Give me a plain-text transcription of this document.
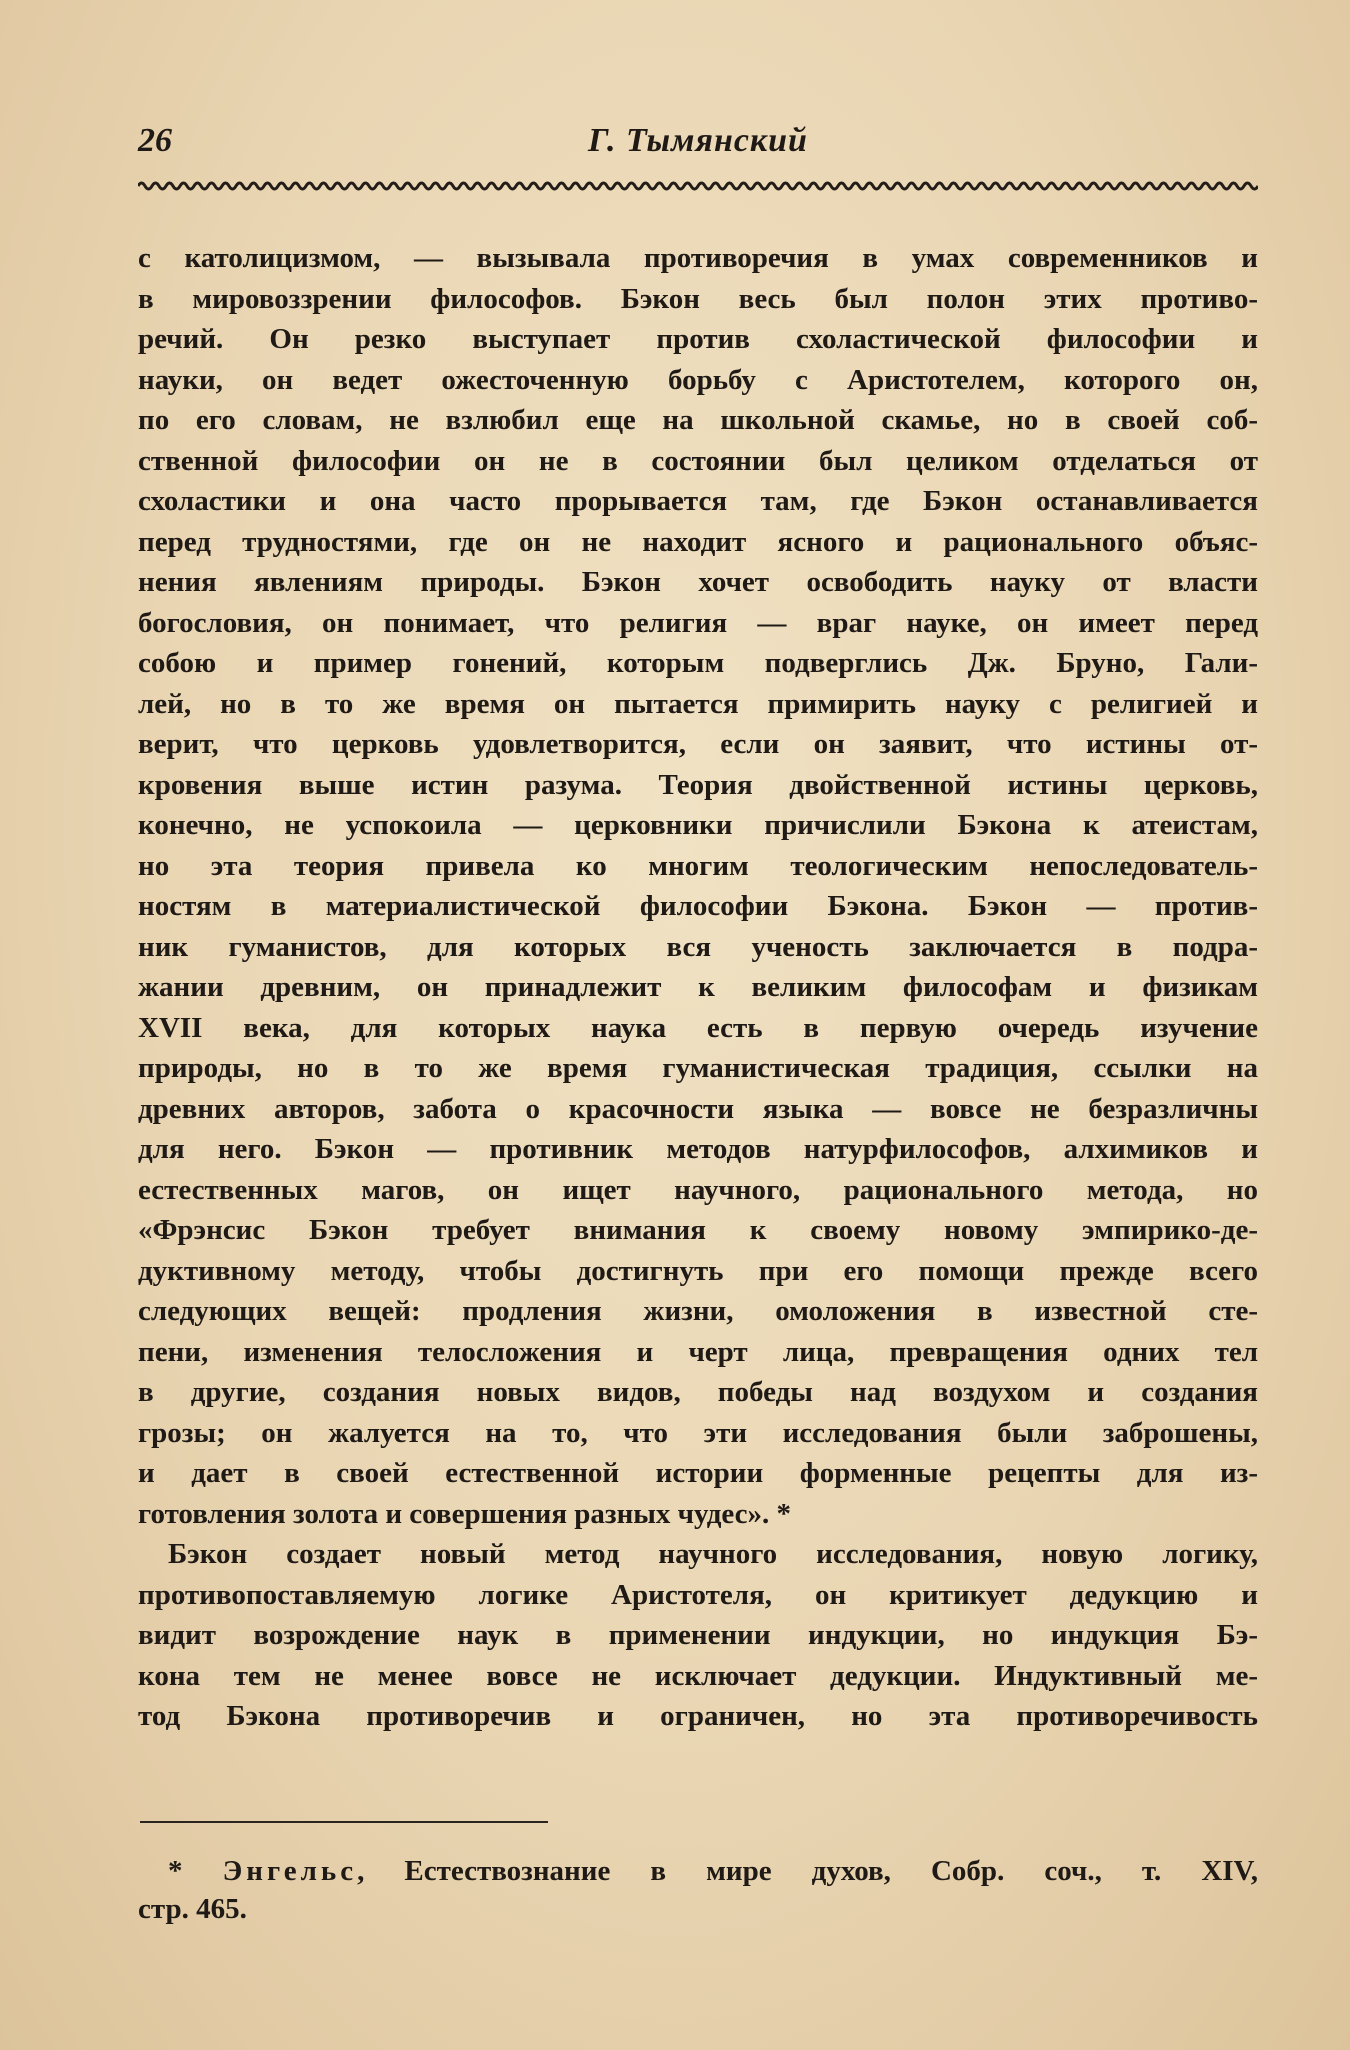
26	Г. Тымянский
с католицизмом, — вызывала противоречия в умах современников и
в мировоззрении философов. Бэкон весь был полон этих противо-
речий. Он резко выступает против схоластической философии и
науки, он ведет ожесточенную борьбу с Аристотелем, которого он,
по его словам, не взлюбил еще на школьной скамье, но в своей соб-
ственной философии он не в состоянии был целиком отделаться от
схоластики и она часто прорывается там, где Бэкон останавливается
перед трудностями, где он не находит ясного и рационального объяс-
нения явлениям природы. Бэкон хочет освободить науку от власти
богословия, он понимает, что религия — враг науке, он имеет перед
собою и пример гонений, которым подверглись Дж. Бруно, Гали-
лей, но в то же время он пытается примирить науку с религией и
верит, что церковь удовлетворится, если он заявит, что истины от-
кровения выше истин разума. Теория двойственной истины церковь,
конечно, не успокоила — церковники причислили Бэкона к атеистам,
но эта теория привела ко многим теологическим непоследователь-
ностям в материалистической философии Бэкона. Бэкон — против-
ник гуманистов, для которых вся ученость заключается в подра-
жании древним, он принадлежит к великим философам и физикам
XVII века, для которых наука есть в первую очередь изучение
природы, но в то же время гуманистическая традиция, ссылки на
древних авторов, забота о красочности языка — вовсе не безразличны
для него. Бэкон — противник методов натурфилософов, алхимиков и
естественных магов, он ищет научного, рационального метода, но
«Фрэнсис Бэкон требует внимания к своему новому эмпирико-де-
дуктивному методу, чтобы достигнуть при его помощи прежде всего
следующих вещей: продления жизни, омоложения в известной сте-
пени, изменения телосложения и черт лица, превращения одних тел
в другие, создания новых видов, победы над воздухом и создания
грозы; он жалуется на то, что эти исследования были заброшены,
и дает в своей естественной истории форменные рецепты для из-
готовления золота и совершения разных чудес». *
Бэкон создает новый метод научного исследования, новую логику,
противопоставляемую логике Аристотеля, он критикует дедукцию и
видит возрождение наук в применении индукции, но индукция Бэ-
кона тем не менее вовсе не исключает дедукции. Индуктивный ме-
тод Бэкона противоречив и ограничен, но эта противоречивость
* Энгельс, Естествознание в мире духов, Собр. соч., т. XIV,
стр. 465.
